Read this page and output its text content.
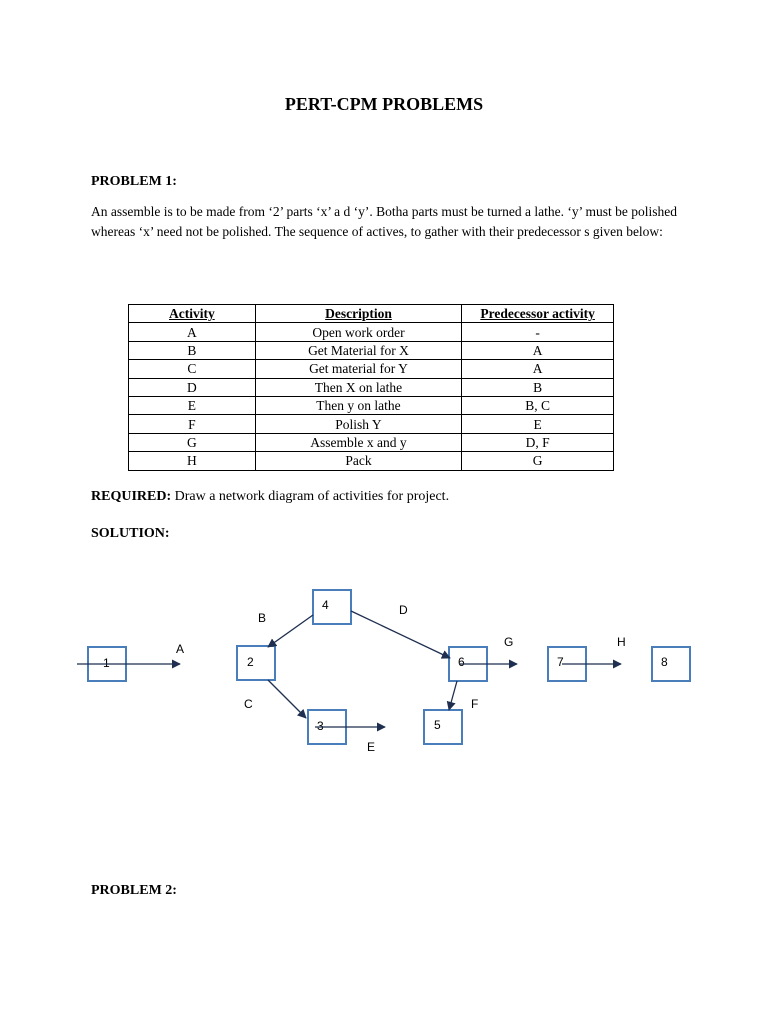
PERT-CPM PROBLEMS
PROBLEM 1:
An assemble is to be made from ‘2’ parts ‘x’ a d ‘y’. Botha parts must be turned a lathe. ‘y’ must be polished whereas ‘x’ need not be polished. The sequence of actives, to gather with their predecessor s given below:
Activity	Description	Predecessor activity
A	Open work order	-
B	Get Material for X	A
C	Get material for Y	A
D	Then X on lathe	B
E	Then y on lathe	B, C
F	Polish Y	E
G	Assemble x and y	D, F
H	Pack	G
REQUIRED: Draw a network diagram of activities for project.
SOLUTION:
1	2
3
4
5
6	7	8
A
B
C
D
E
F
G	H
PROBLEM 2:
